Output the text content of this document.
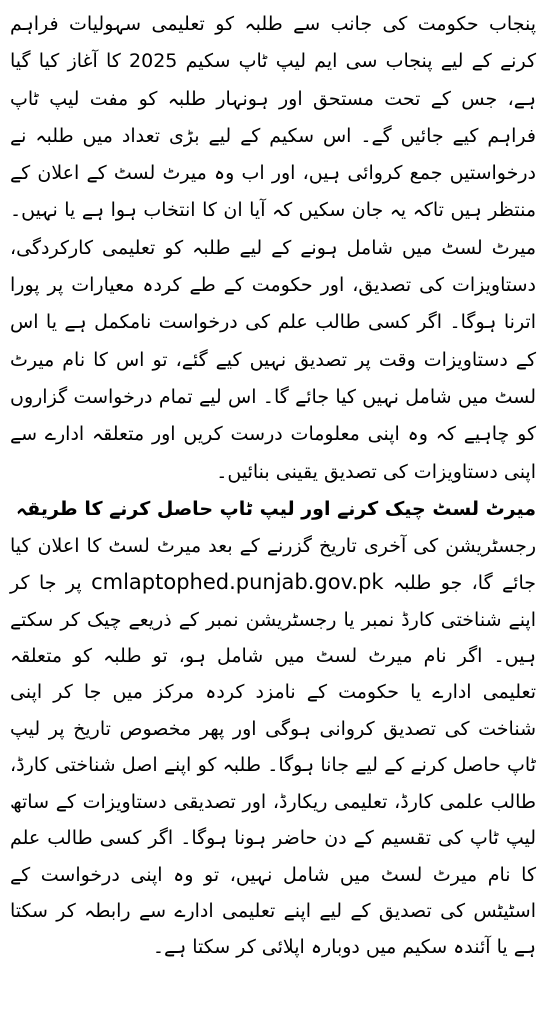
پنجاب حکومت کی جانب سے طلبہ کو تعلیمی سہولیات فراہم کرنے کے لیے پنجاب سی ایم لیپ ٹاپ سکیم 2025 کا آغاز کیا گیا ہے، جس کے تحت مستحق اور ہونہار طلبہ کو مفت لیپ ٹاپ فراہم کیے جائیں گے۔ اس سکیم کے لیے بڑی تعداد میں طلبہ نے درخواستیں جمع کروائی ہیں، اور اب وہ میرٹ لسٹ کے اعلان کے منتظر ہیں تاکہ یہ جان سکیں کہ آیا ان کا انتخاب ہوا ہے یا نہیں۔ میرٹ لسٹ میں شامل ہونے کے لیے طلبہ کو تعلیمی کارکردگی، دستاویزات کی تصدیق، اور حکومت کے طے کردہ معیارات پر پورا اترنا ہوگا۔ اگر کسی طالب علم کی درخواست نامکمل ہے یا اس کے دستاویزات وقت پر تصدیق نہیں کیے گئے، تو اس کا نام میرٹ لسٹ میں شامل نہیں کیا جائے گا۔ اس لیے تمام درخواست گزاروں کو چاہیے کہ وہ اپنی معلومات درست کریں اور متعلقہ ادارے سے اپنی دستاویزات کی تصدیق یقینی بنائیں۔

میرٹ لسٹ چیک کرنے اور لیپ ٹاپ حاصل کرنے کا طریقہ

رجسٹریشن کی آخری تاریخ گزرنے کے بعد میرٹ لسٹ کا اعلان کیا جائے گا، جو طلبہ cmlaptophed.punjab.gov.pk پر جا کر اپنے شناختی کارڈ نمبر یا رجسٹریشن نمبر کے ذریعے چیک کر سکتے ہیں۔ اگر نام میرٹ لسٹ میں شامل ہو، تو طلبہ کو متعلقہ تعلیمی ادارے یا حکومت کے نامزد کردہ مرکز میں جا کر اپنی شناخت کی تصدیق کروانی ہوگی اور پھر مخصوص تاریخ پر لیپ ٹاپ حاصل کرنے کے لیے جانا ہوگا۔ طلبہ کو اپنے اصل شناختی کارڈ، طالب علمی کارڈ، تعلیمی ریکارڈ، اور تصدیقی دستاویزات کے ساتھ لیپ ٹاپ کی تقسیم کے دن حاضر ہونا ہوگا۔ اگر کسی طالب علم کا نام میرٹ لسٹ میں شامل نہیں، تو وہ اپنی درخواست کے اسٹیٹس کی تصدیق کے لیے اپنے تعلیمی ادارے سے رابطہ کر سکتا ہے یا آئندہ سکیم میں دوبارہ اپلائی کر سکتا ہے۔
